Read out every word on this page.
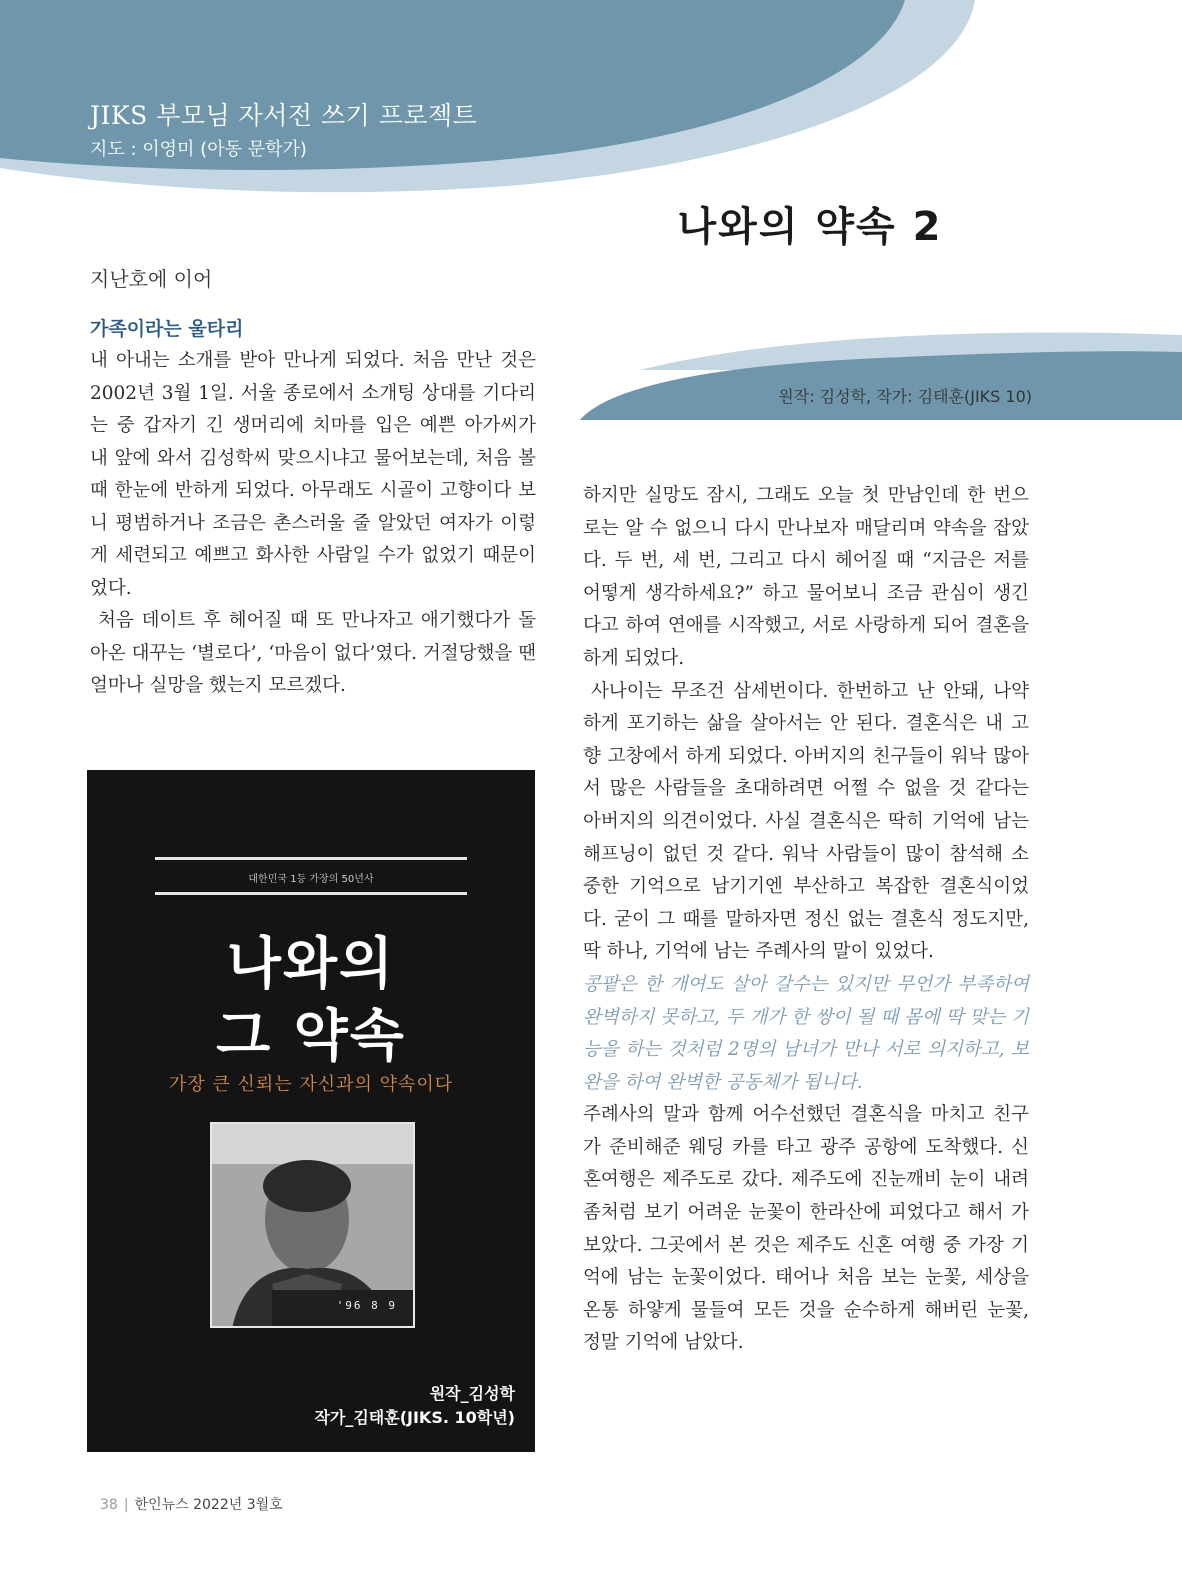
JIKS 부모님 자서전 쓰기 프로젝트
지도 : 이영미 (아동 문학가)
나와의 약속 2
원작: 김성학, 작가: 김태훈(JIKS 10)
지난호에 이어
가족이라는 울타리

내 아내는 소개를 받아 만나게 되었다. 처음 만난 것은 2002년 3월 1일. 서울 종로에서 소개팅 상대를 기다리는 중 갑자기 긴 생머리에 치마를 입은 예쁜 아가씨가 내 앞에 와서 김성학씨 맞으시냐고 물어보는데, 처음 볼 때 한눈에 반하게 되었다. 아무래도 시골이 고향이다 보니 평범하거나 조금은 촌스러울 줄 알았던 여자가 이렇게 세련되고 예쁘고 화사한 사람일 수가 없었기 때문이었다.

처음 데이트 후 헤어질 때 또 만나자고 애기했다가 돌아온 대꾸는 ‘별로다’, ‘마음이 없다’였다. 거절당했을 땐 얼마나 실망을 했는지 모르겠다.

대한민국 1등 가장의 50년사
나와의
그 약속
가장 큰 신뢰는 자신과의 약속이다
'96 8 9
원작_김성학
작가_김태훈(JIKS. 10학년)

하지만 실망도 잠시, 그래도 오늘 첫 만남인데 한 번으로는 알 수 없으니 다시 만나보자 매달리며 약속을 잡았다. 두 번, 세 번, 그리고 다시 헤어질 때 “지금은 저를 어떻게 생각하세요?” 하고 물어보니 조금 관심이 생긴다고 하여 연애를 시작했고, 서로 사랑하게 되어 결혼을 하게 되었다.

사나이는 무조건 삼세번이다. 한번하고 난 안돼, 나약하게 포기하는 삶을 살아서는 안 된다. 결혼식은 내 고향 고창에서 하게 되었다. 아버지의 친구들이 워낙 많아서 많은 사람들을 초대하려면 어쩔 수 없을 것 같다는 아버지의 의견이었다. 사실 결혼식은 딱히 기억에 남는 해프닝이 없던 것 같다. 워낙 사람들이 많이 참석해 소중한 기억으로 남기기엔 부산하고 복잡한 결혼식이었다. 굳이 그 때를 말하자면 정신 없는 결혼식 정도지만, 딱 하나, 기억에 남는 주례사의 말이 있었다.

콩팥은 한 개여도 살아 갈수는 있지만 무언가 부족하여 완벽하지 못하고, 두 개가 한 쌍이 될 때 몸에 딱 맞는 기능을 하는 것처럼 2명의 남녀가 만나 서로 의지하고, 보완을 하여 완벽한 공동체가 됩니다.

주례사의 말과 함께 어수선했던 결혼식을 마치고 친구가 준비해준 웨딩 카를 타고 광주 공항에 도착했다. 신혼여행은 제주도로 갔다. 제주도에 진눈깨비 눈이 내려 좀처럼 보기 어려운 눈꽃이 한라산에 피었다고 해서 가보았다. 그곳에서 본 것은 제주도 신혼 여행 중 가장 기억에 남는 눈꽃이었다. 태어나 처음 보는 눈꽃, 세상을 온통 하얗게 물들여 모든 것을 순수하게 해버린 눈꽃, 정말 기억에 남았다.

38 | 한인뉴스 2022년 3월호
